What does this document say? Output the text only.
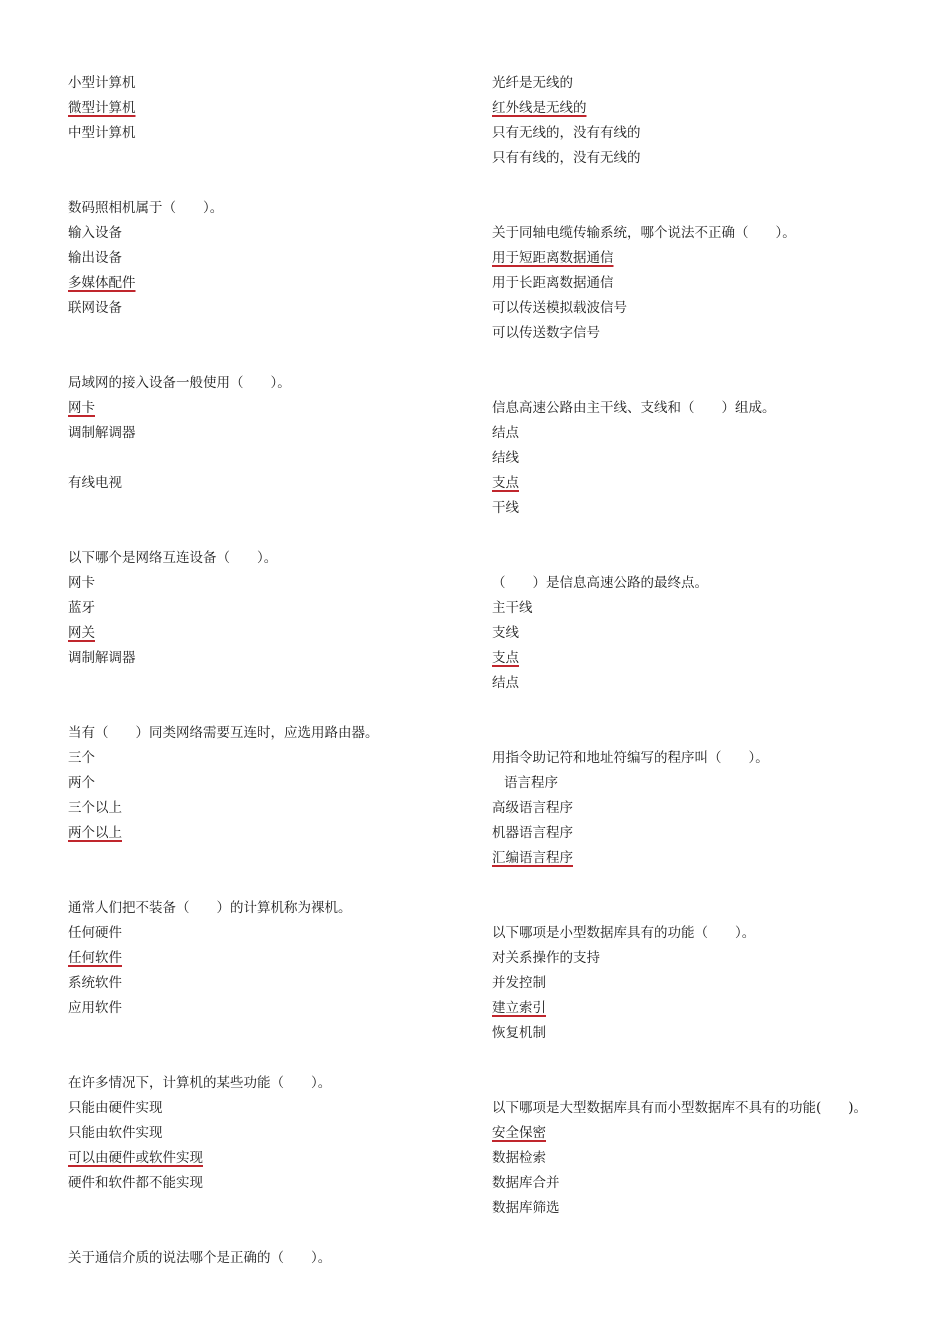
小型计算机
微型计算机
中型计算机
数码照相机属于（　　）。
输入设备
输出设备
多媒体配件
联网设备
局域网的接入设备一般使用（　　）。
网卡
调制解调器
有线电视
以下哪个是网络互连设备（　　）。
网卡
蓝牙
网关
调制解调器
当有（　　）同类网络需要互连时，应选用路由器。
三个
两个
三个以上
两个以上
通常人们把不装备（　　）的计算机称为裸机。
任何硬件
任何软件
系统软件
应用软件
在许多情况下，计算机的某些功能（　　）。
只能由硬件实现
只能由软件实现
可以由硬件或软件实现
硬件和软件都不能实现
关于通信介质的说法哪个是正确的（　　）。
光纤是无线的
红外线是无线的
只有无线的，没有有线的
只有有线的，没有无线的
关于同轴电缆传输系统，哪个说法不正确（　　）。
用于短距离数据通信
用于长距离数据通信
可以传送模拟载波信号
可以传送数字信号
信息高速公路由主干线、支线和（　　）组成。
结点
结线
支点
干线
（　　）是信息高速公路的最终点。
主干线
支线
支点
结点
用指令助记符和地址符编写的程序叫（　　）。
语言程序
高级语言程序
机器语言程序
汇编语言程序
以下哪项是小型数据库具有的功能（　　）。
对关系操作的支持
并发控制
建立索引
恢复机制
以下哪项是大型数据库具有而小型数据库不具有的功能(　　)。
安全保密
数据检索
数据库合并
数据库筛选
